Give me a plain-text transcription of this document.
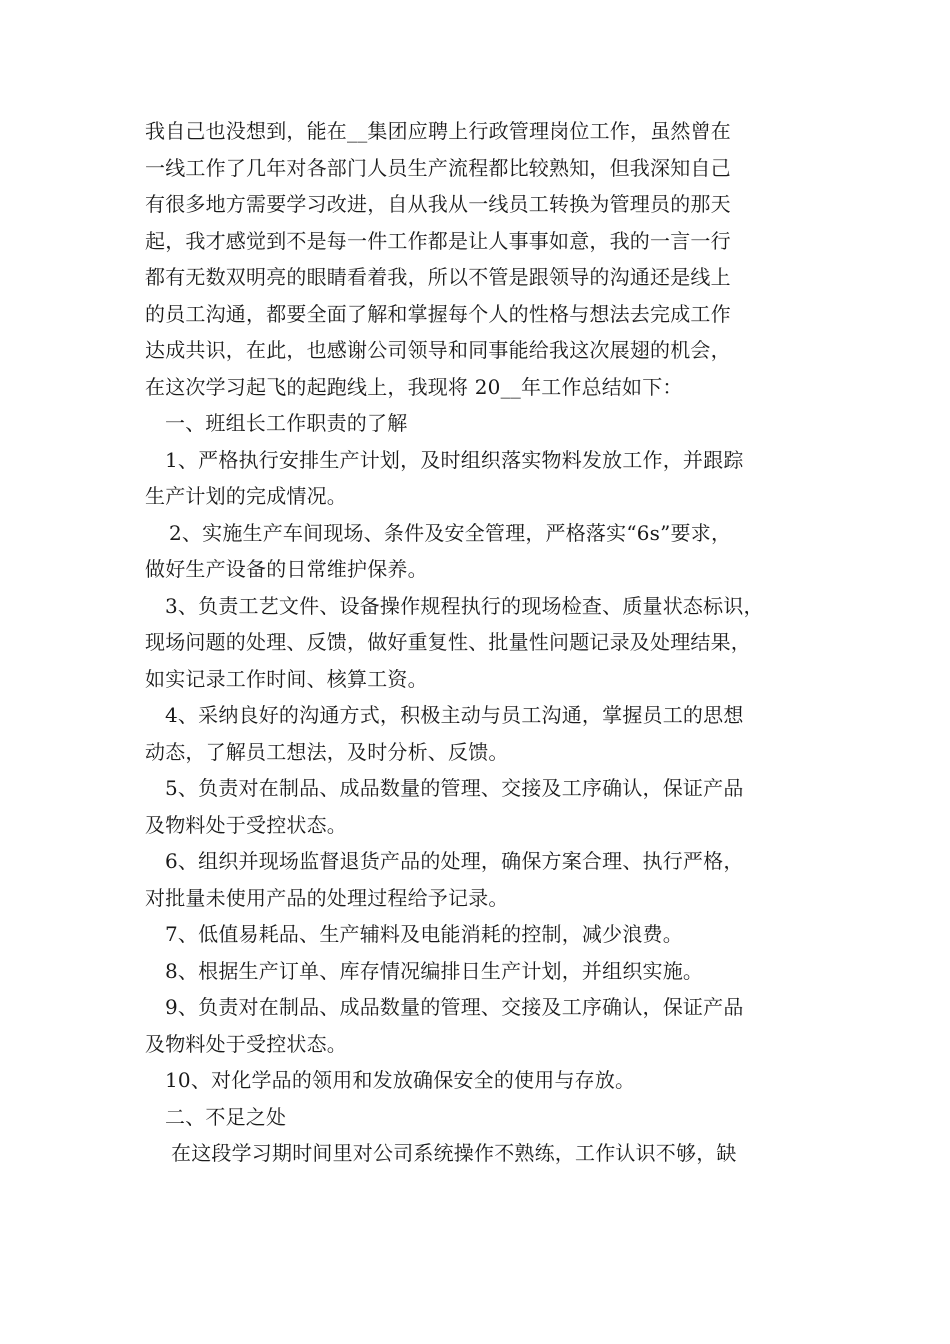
我自己也没想到，能在__集团应聘上行政管理岗位工作，虽然曾在
一线工作了几年对各部门人员生产流程都比较熟知，但我深知自己
有很多地方需要学习改进，自从我从一线员工转换为管理员的那天
起，我才感觉到不是每一件工作都是让人事事如意，我的一言一行
都有无数双明亮的眼睛看着我，所以不管是跟领导的沟通还是线上
的员工沟通，都要全面了解和掌握每个人的性格与想法去完成工作
达成共识，在此，也感谢公司领导和同事能给我这次展翅的机会，
在这次学习起飞的起跑线上，我现将 20__年工作总结如下：
一、班组长工作职责的了解
1、严格执行安排生产计划，及时组织落实物料发放工作，并跟踪
生产计划的完成情况。
2、实施生产车间现场、条件及安全管理，严格落实“6s”要求，
做好生产设备的日常维护保养。
3、负责工艺文件、设备操作规程执行的现场检查、质量状态标识，
现场问题的处理、反馈，做好重复性、批量性问题记录及处理结果，
如实记录工作时间、核算工资。
4、采纳良好的沟通方式，积极主动与员工沟通，掌握员工的思想
动态，了解员工想法，及时分析、反馈。
5、负责对在制品、成品数量的管理、交接及工序确认，保证产品
及物料处于受控状态。
6、组织并现场监督退货产品的处理，确保方案合理、执行严格，
对批量未使用产品的处理过程给予记录。
7、低值易耗品、生产辅料及电能消耗的控制，减少浪费。
8、根据生产订单、库存情况编排日生产计划，并组织实施。
9、负责对在制品、成品数量的管理、交接及工序确认，保证产品
及物料处于受控状态。
10、对化学品的领用和发放确保安全的使用与存放。
二、不足之处
在这段学习期时间里对公司系统操作不熟练，工作认识不够，缺
